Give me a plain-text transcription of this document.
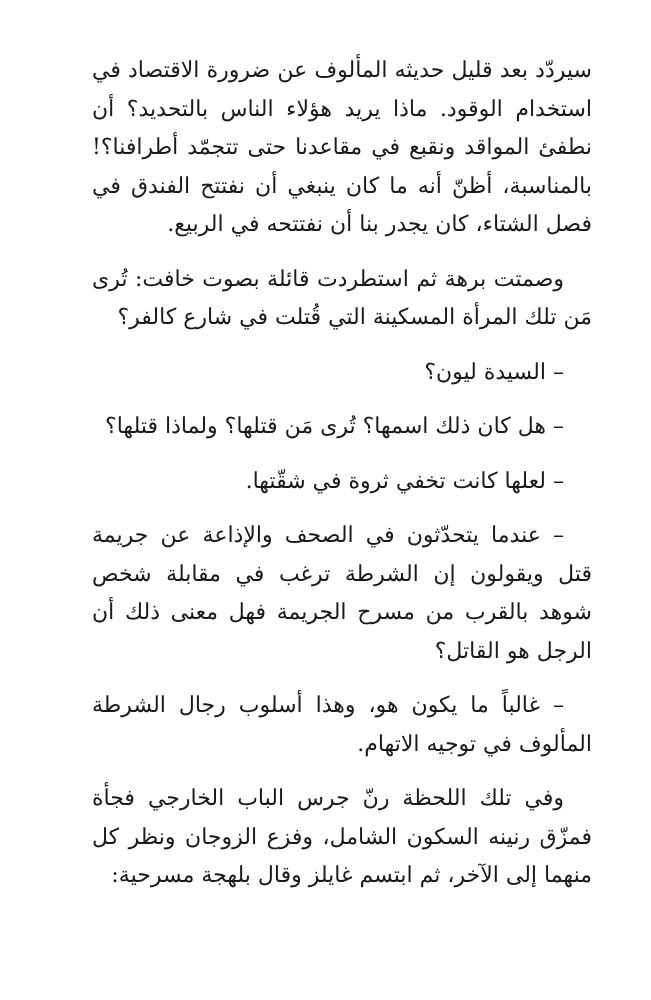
سيردّد بعد قليل حديثه المألوف عن ضرورة الاقتصاد في استخدام الوقود. ماذا يريد هؤلاء الناس بالتحديد؟ أن نطفئ المواقد ونقبع في مقاعدنا حتى تتجمّد أطرافنا؟! بالمناسبة، أظنّ أنه ما كان ينبغي أن نفتتح الفندق في فصل الشتاء، كان يجدر بنا أن نفتتحه في الربيع.

وصمتت برهة ثم استطردت قائلة بصوت خافت: تُرى مَن تلك المرأة المسكينة التي قُتلت في شارع كالفر؟

– السيدة ليون؟

– هل كان ذلك اسمها؟ تُرى مَن قتلها؟ ولماذا قتلها؟

– لعلها كانت تخفي ثروة في شقّتها.

– عندما يتحدّثون في الصحف والإذاعة عن جريمة قتل ويقولون إن الشرطة ترغب في مقابلة شخص شوهد بالقرب من مسرح الجريمة فهل معنى ذلك أن الرجل هو القاتل؟

– غالباً ما يكون هو، وهذا أسلوب رجال الشرطة المألوف في توجيه الاتهام.

وفي تلك اللحظة رنّ جرس الباب الخارجي فجأة فمزّق رنينه السكون الشامل، وفزع الزوجان ونظر كل منهما إلى الآخر، ثم ابتسم غايلز وقال بلهجة مسرحية:
